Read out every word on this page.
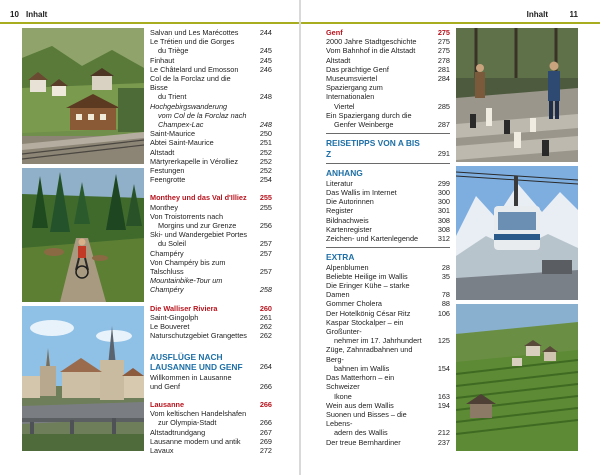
10 Inhalt
Salvan und Les Marécottes	244
Le Trétien und die Gorges
du Triège	245
Finhaut	245
Le Châtelard und Emosson	246
Col de la Forclaz und die Bisse
du Trient	248
Hochgebirgswanderung
vom Col de la Forclaz nach
Champex-Lac	248
Saint-Maurice	250
Abtei Saint-Maurice	251
Altstadt	252
Märtyrerkapelle in Vérolliez	252
Festungen	252
Feengrotte	254
Monthey und das Val d'Illiez 255
Monthey	255
Von Troistorrents nach
Morgins und zur Grenze	256
Ski- und Wandergebiet Portes
du Soleil	257
Champéry	257
Von Champéry bis zum Talschluss	257
Mountainbike-Tour um Champéry	258
Die Walliser Riviera	260
Saint-Gingolph	261
Le Bouveret	262
Naturschutzgebiet Grangettes 262
AUSFLÜGE NACH LAUSANNE UND GENF	264
Willkommen in Lausanne
und Genf	266
Lausanne	266
Vom keltischen Handelshafen
zur Olympia-Stadt	266
Altstadtrundgang	267
Lausanne modern und antik	269
Lavaux	272
Inhalt	11
Genf	275
2000 Jahre Stadtgeschichte	275
Vom Bahnhof in die Altstadt	275
Altstadt	278
Das prächtige Genf	281
Museumsviertel	284
Spaziergang zum Internationalen
Viertel	285
Ein Spaziergang durch die
Genfer Weinberge	287
REISETIPPS VON A BIS Z	291
ANHANG
Literatur	299
Das Wallis im Internet	300
Die Autorinnen	300
Register	301
Bildnachweis	308
Kartenregister	308
Zeichen- und Kartenlegende	312
EXTRA
Alpenblumen	28
Beliebte Heilige im Wallis	35
Die Eringer Kühe – starke Damen	78
Gommer Cholera	88
Der Hotelkönig César Ritz	106
Kaspar Stockalper – ein Großunter-
nehmer im 17. Jahrhundert	125
Züge, Zahnradbahnen und Berg-
bahnen im Wallis	154
Das Matterhorn – ein Schweizer
Ikone	163
Wein aus dem Wallis	194
Suonen und Bisses – die Lebens-
adern des Wallis	212
Der treue Bernhardiner	237
